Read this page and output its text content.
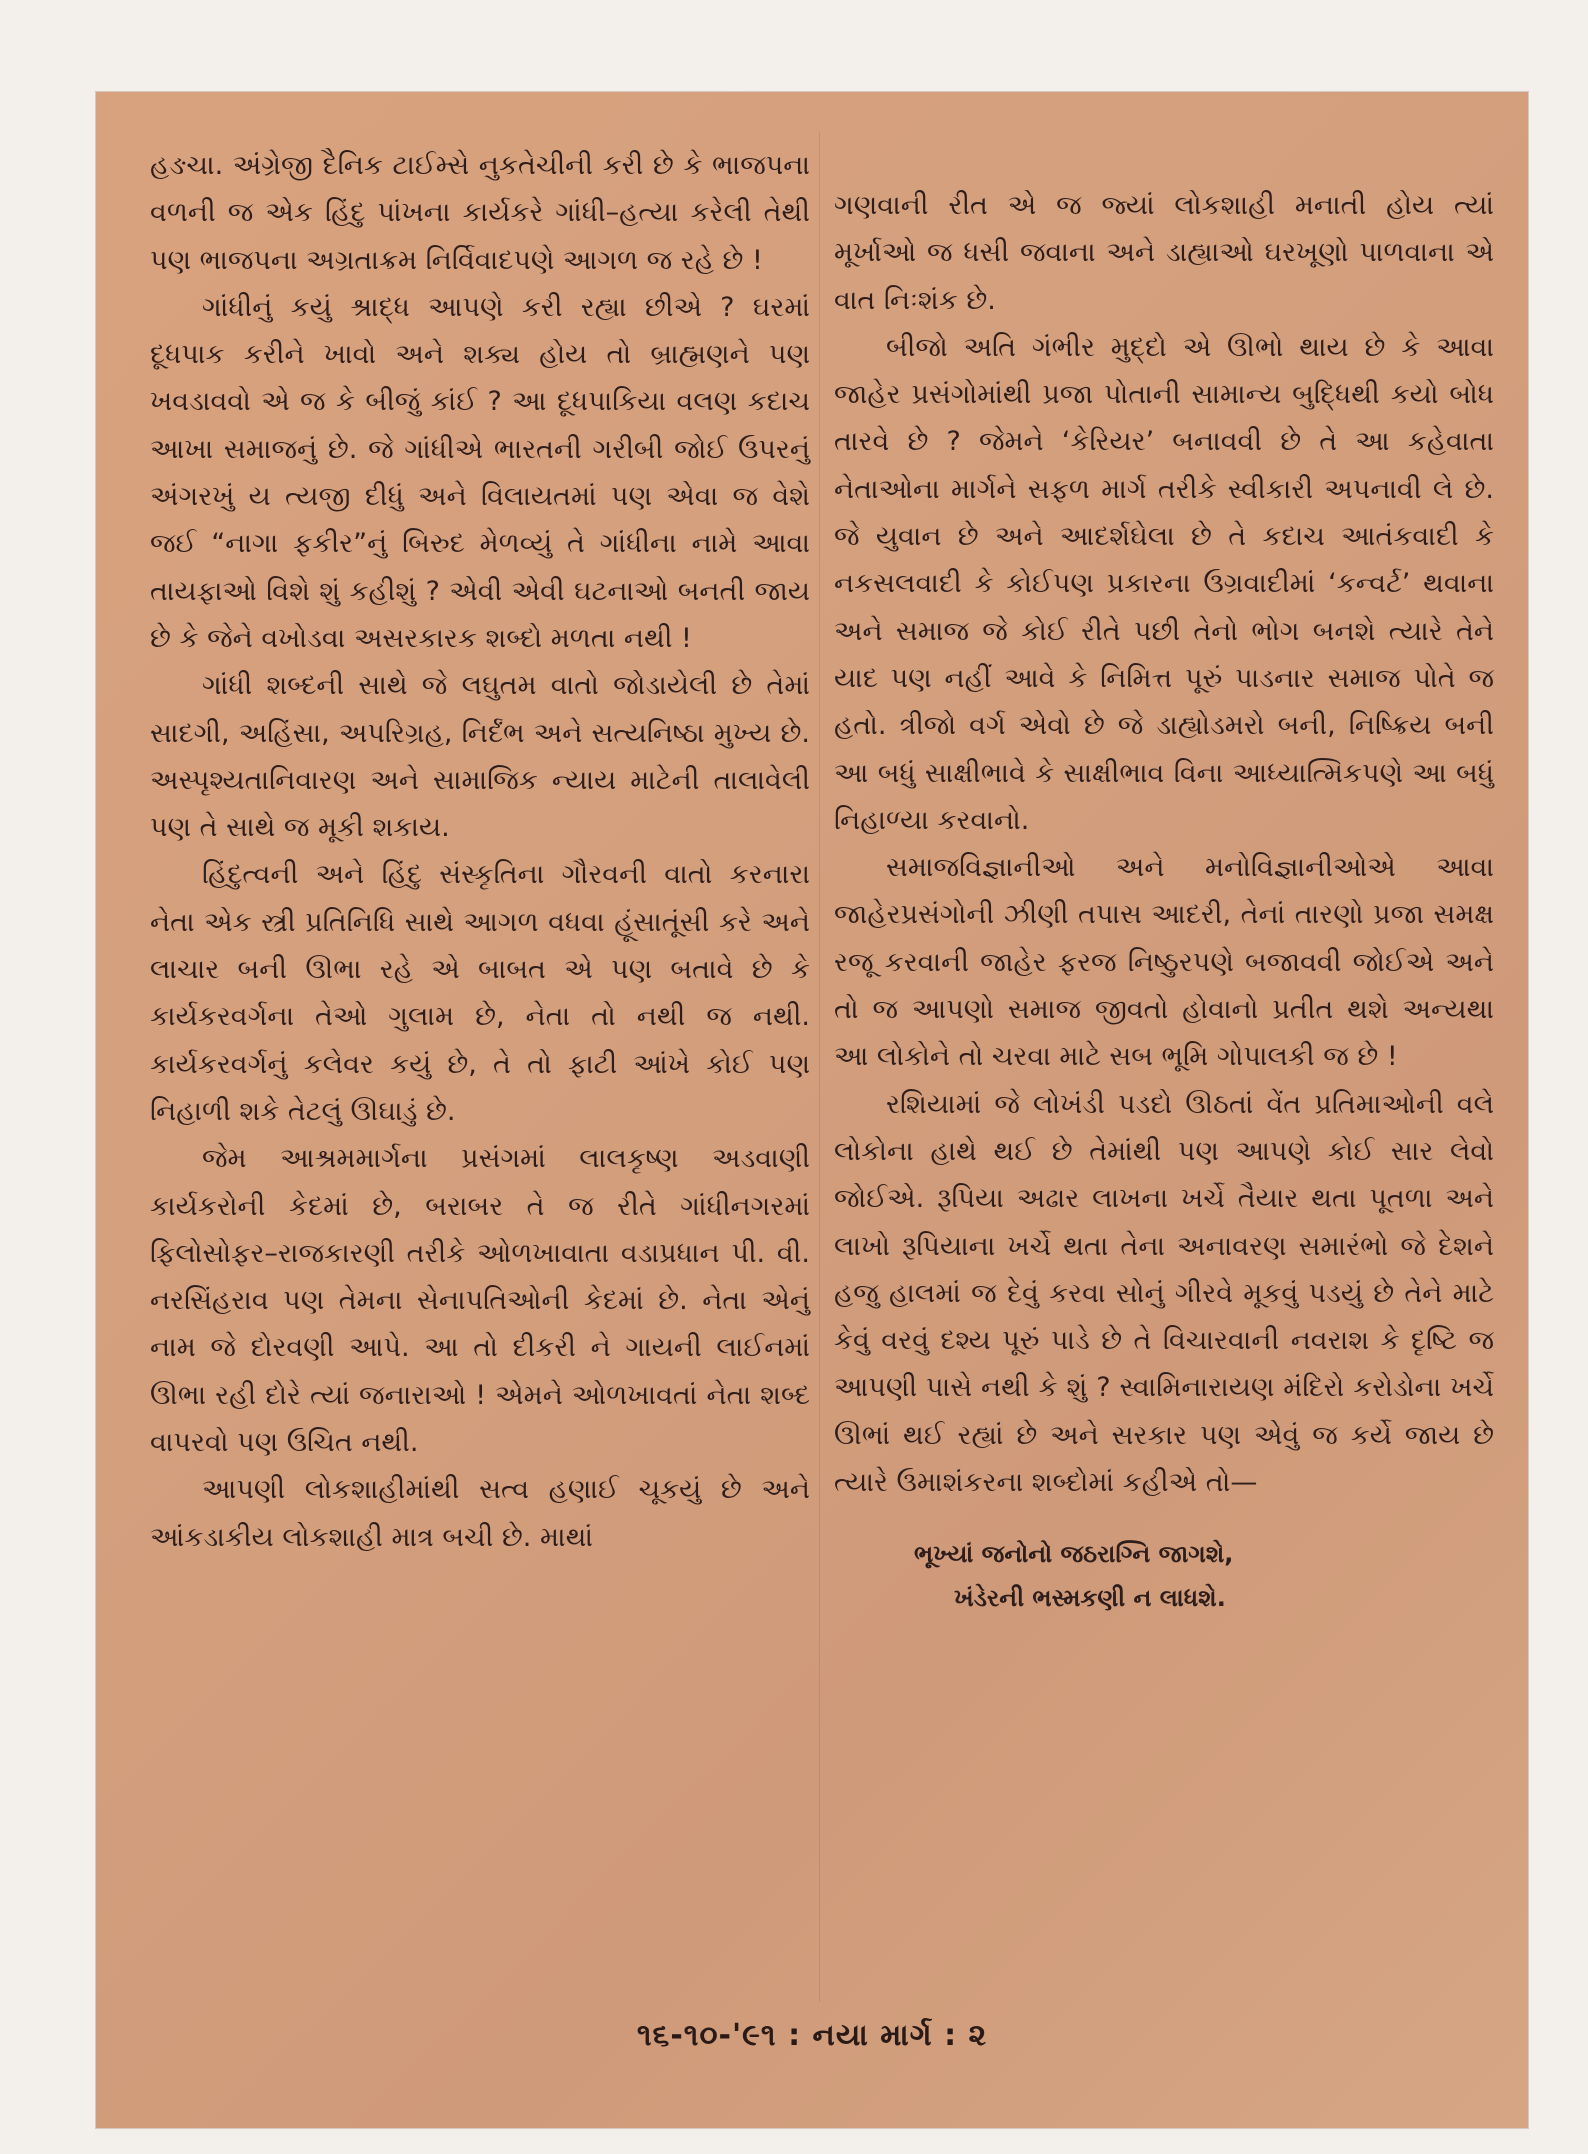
હઙચા. અંગ્રેજી દૈનિક ટાઈમ્સે નુકતેચીની કરી છે કે ભાજપના વળની જ એક હિંદુ પાંખના કાર્યકરે ગાંધી–હત્યા કરેલી તેથી પણ ભાજપના અગ્રતાક્રમ નિર્વિવાદપણે આગળ જ રહે છે !

ગાંધીનું કયું શ્રાદ્ધ આપણે કરી રહ્યા છીએ ? ઘરમાં દૂધપાક કરીને ખાવો અને શક્ય હોય તો બ્રાહ્મણને પણ ખવડાવવો એ જ કે બીજું કાંઈ ? આ દૂધપાકિયા વલણ કદાચ આખા સમાજનું છે. જે ગાંધીએ ભારતની ગરીબી જોઈ ઉપરનું અંગરખું ય ત્યજી દીધું અને વિલાયતમાં પણ એવા જ વેશે જઈ “નાગા ફકીર”નું બિરુદ મેળવ્યું તે ગાંધીના નામે આવા તાયફાઓ વિશે શું કહીશું ? એવી એવી ઘટનાઓ બનતી જાય છે કે જેને વખોડવા અસરકારક શબ્દો મળતા નથી !

ગાંધી શબ્દની સાથે જે લઘુતમ વાતો જોડાયેલી છે તેમાં સાદગી, અહિંસા, અપરિગ્રહ, નિર્દંભ અને સત્યનિષ્ઠા મુખ્ય છે. અસ્પૃશ્યતાનિવારણ અને સામાજિક ન્યાય માટેની તાલાવેલી પણ તે સાથે જ મૂકી શકાય.

હિંદુત્વની અને હિંદુ સંસ્કૃતિના ગૌરવની વાતો કરનારા નેતા એક સ્ત્રી પ્રતિનિધિ સાથે આગળ વધવા હૂંસાતૂંસી કરે અને લાચાર બની ઊભા રહે એ બાબત એ પણ બતાવે છે કે કાર્યકરવર્ગના તેઓ ગુલામ છે, નેતા તો નથી જ નથી. કાર્યકરવર્ગનું કલેવર કયું છે, તે તો ફાટી આંખે કોઈ પણ નિહાળી શકે તેટલું ઊઘાડું છે.

જેમ આશ્રમમાર્ગના પ્રસંગમાં લાલકૃષ્ણ અડવાણી કાર્યકરોની કેદમાં છે, બરાબર તે જ રીતે ગાંધીનગરમાં ફિલોસોફર–રાજકારણી તરીકે ઓળખાવાતા વડાપ્રધાન પી. વી. નરસિંહરાવ પણ તેમના સેનાપતિઓની કેદમાં છે. નેતા એનું નામ જે દોરવણી આપે. આ તો દીકરી ને ગાયની લાઈનમાં ઊભા રહી દોરે ત્યાં જનારાઓ ! એમને ઓળખાવતાં નેતા શબ્દ વાપરવો પણ ઉચિત નથી.

આપણી લોકશાહીમાંથી સત્વ હણાઈ ચૂકયું છે અને આંકડાકીય લોકશાહી માત્ર બચી છે. માથાં

ગણવાની રીત એ જ જ્યાં લોકશાહી મનાતી હોય ત્યાં મૂર્ખાઓ જ ધસી જવાના અને ડાહ્યાઓ ઘરખૂણો પાળવાના એ વાત નિઃશંક છે.

બીજો અતિ ગંભીર મુદ્દો એ ઊભો થાય છે કે આવા જાહેર પ્રસંગોમાંથી પ્રજા પોતાની સામાન્ય બુદ્ધિથી કયો બોધ તારવે છે ? જેમને ‘કેરિયર’ બનાવવી છે તે આ કહેવાતા નેતાઓના માર્ગને સફળ માર્ગ તરીકે સ્વીકારી અપનાવી લે છે. જે યુવાન છે અને આદર્શઘેલા છે તે કદાચ આતંકવાદી કે નકસલવાદી કે કોઈપણ પ્રકારના ઉગ્રવાદીમાં ‘કન્વર્ટ’ થવાના અને સમાજ જે કોઈ રીતે પછી તેનો ભોગ બનશે ત્યારે તેને યાદ પણ નહીં આવે કે નિમિત્ત પૂરું પાડનાર સમાજ પોતે જ હતો. ત્રીજો વર્ગ એવો છે જે ડાહ્યોડમરો બની, નિષ્ક્રિય બની આ બધું સાક્ષીભાવે કે સાક્ષીભાવ વિના આધ્યાત્મિકપણે આ બધું નિહાળ્યા કરવાનો.

સમાજવિજ્ઞાનીઓ અને મનોવિજ્ઞાનીઓએ આવા જાહેરપ્રસંગોની ઝીણી તપાસ આદરી, તેનાં તારણો પ્રજા સમક્ષ રજૂ કરવાની જાહેર ફરજ નિષ્ઠુરપણે બજાવવી જોઈએ અને તો જ આપણો સમાજ જીવતો હોવાનો પ્રતીત થશે અન્યથા આ લોકોને તો ચરવા માટે સબ ભૂમિ ગોપાલકી જ છે !

રશિયામાં જે લોખંડી પડદો ઊઠતાં વેંત પ્રતિમાઓની વલે લોકોના હાથે થઈ છે તેમાંથી પણ આપણે કોઈ સાર લેવો જોઈએ. રૂપિયા અઢાર લાખના ખર્ચે તૈયાર થતા પૂતળા અને લાખો રૂપિયાના ખર્ચે થતા તેના અનાવરણ સમારંભો જે દેશને હજુ હાલમાં જ દેવું કરવા સોનું ગીરવે મૂકવું પડયું છે તેને માટે કેવું વરવું દશ્ય પૂરું પાડે છે તે વિચારવાની નવરાશ કે દૃષ્ટિ જ આપણી પાસે નથી કે શું ? સ્વામિનારાયણ મંદિરો કરોડોના ખર્ચે ઊભાં થઈ રહ્યાં છે અને સરકાર પણ એવું જ કર્યે જાય છે ત્યારે ઉમાશંકરના શબ્દોમાં કહીએ તો—

ભૂખ્યાં જનોનો જઠરાગ્નિ જાગશે,
ખંડેરની ભસ્મકણી ન લાધશે.
૧૬-૧૦-'૯૧ : નયા માર્ગ : ૨
